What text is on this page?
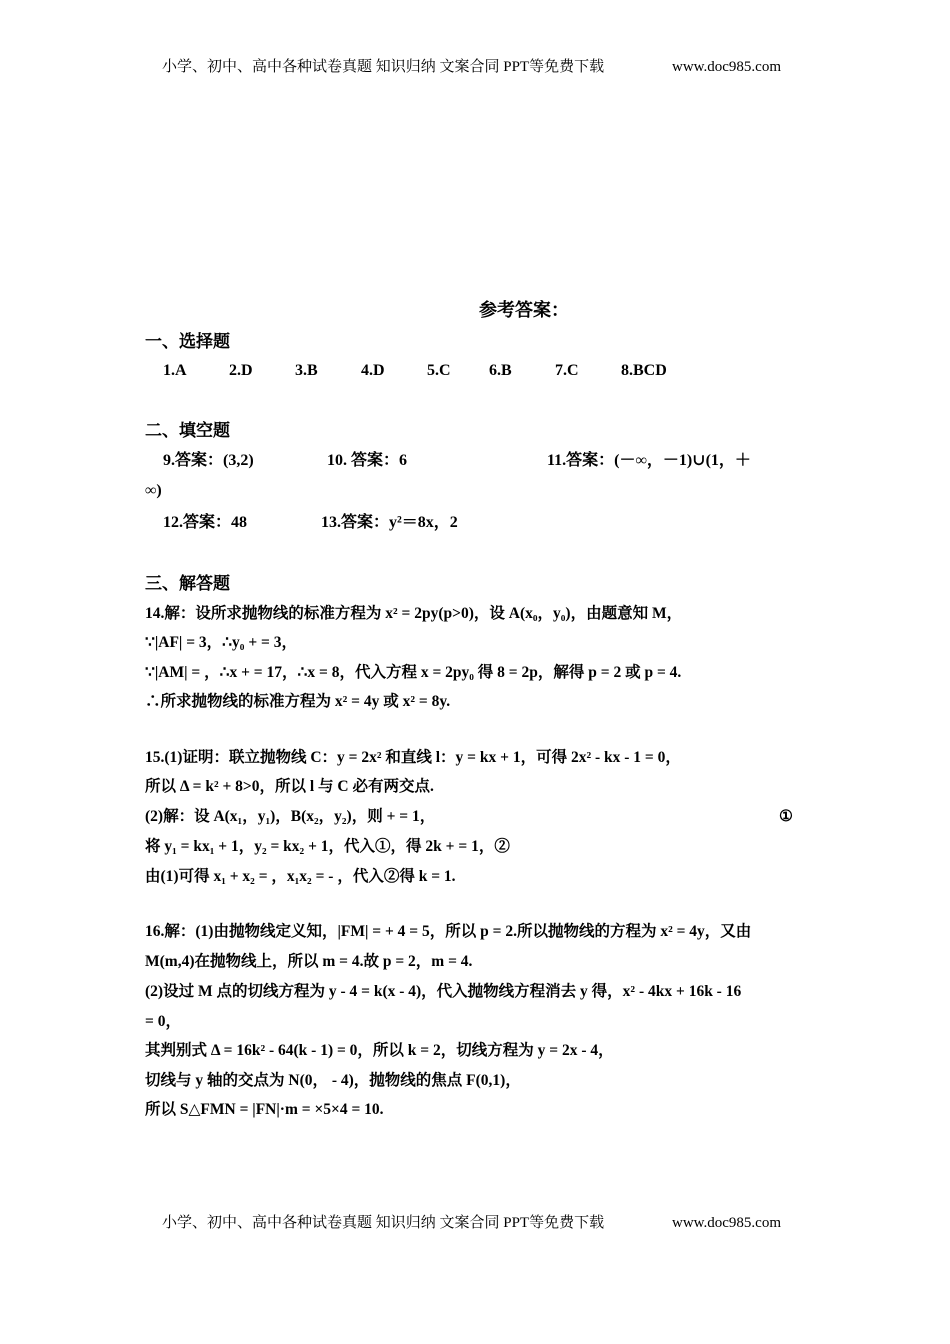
小学、初中、高中各种试卷真题 知识归纳 文案合同 PPT等免费下载	www.doc985.com
参考答案：
一、选择题
1.A	2.D	3.B	4.D	5.C 6.B	7.C	8.BCD
二、填空题
9.答案：(3,2)	10. 答案：6	11.答案：(－∞，－1)∪(1，＋
∞)
12.答案：48	13.答案：y²＝8x，2
三、解答题
14.解：设所求抛物线的标准方程为 x² = 2py(p>0)，设 A(x₀，y₀)，由题意知 M，
∵|AF| = 3，∴y₀ + = 3，
∵|AM| = ，∴x + = 17，∴x = 8，代入方程 x = 2py₀ 得 8 = 2p，解得 p = 2 或 p = 4.
∴所求抛物线的标准方程为 x² = 4y 或 x² = 8y.
15.(1)证明：联立抛物线 C：y = 2x² 和直线 l：y = kx + 1，可得 2x² - kx - 1 = 0，
所以 Δ = k² + 8>0，所以 l 与 C 必有两交点.
(2)解：设 A(x₁，y₁)，B(x₂，y₂)，则 + = 1，	①
将 y₁ = kx₁ + 1，y₂ = kx₂ + 1，代入①，得 2k + = 1，②
由(1)可得 x₁ + x₂ = ，x₁x₂ = - ，代入②得 k = 1.
16.解：(1)由抛物线定义知，|FM| = + 4 = 5，所以 p = 2.所以抛物线的方程为 x² = 4y，又由
M(m,4)在抛物线上，所以 m = 4.故 p = 2，m = 4.
(2)设过 M 点的切线方程为 y - 4 = k(x - 4)，代入抛物线方程消去 y 得，x² - 4kx + 16k - 16
= 0，
其判别式 Δ = 16k² - 64(k - 1) = 0，所以 k = 2，切线方程为 y = 2x - 4，
切线与 y 轴的交点为 N(0， - 4)，抛物线的焦点 F(0,1)，
所以 S△FMN = |FN|·m = ×5×4 = 10.
小学、初中、高中各种试卷真题 知识归纳 文案合同 PPT等免费下载	www.doc985.com
